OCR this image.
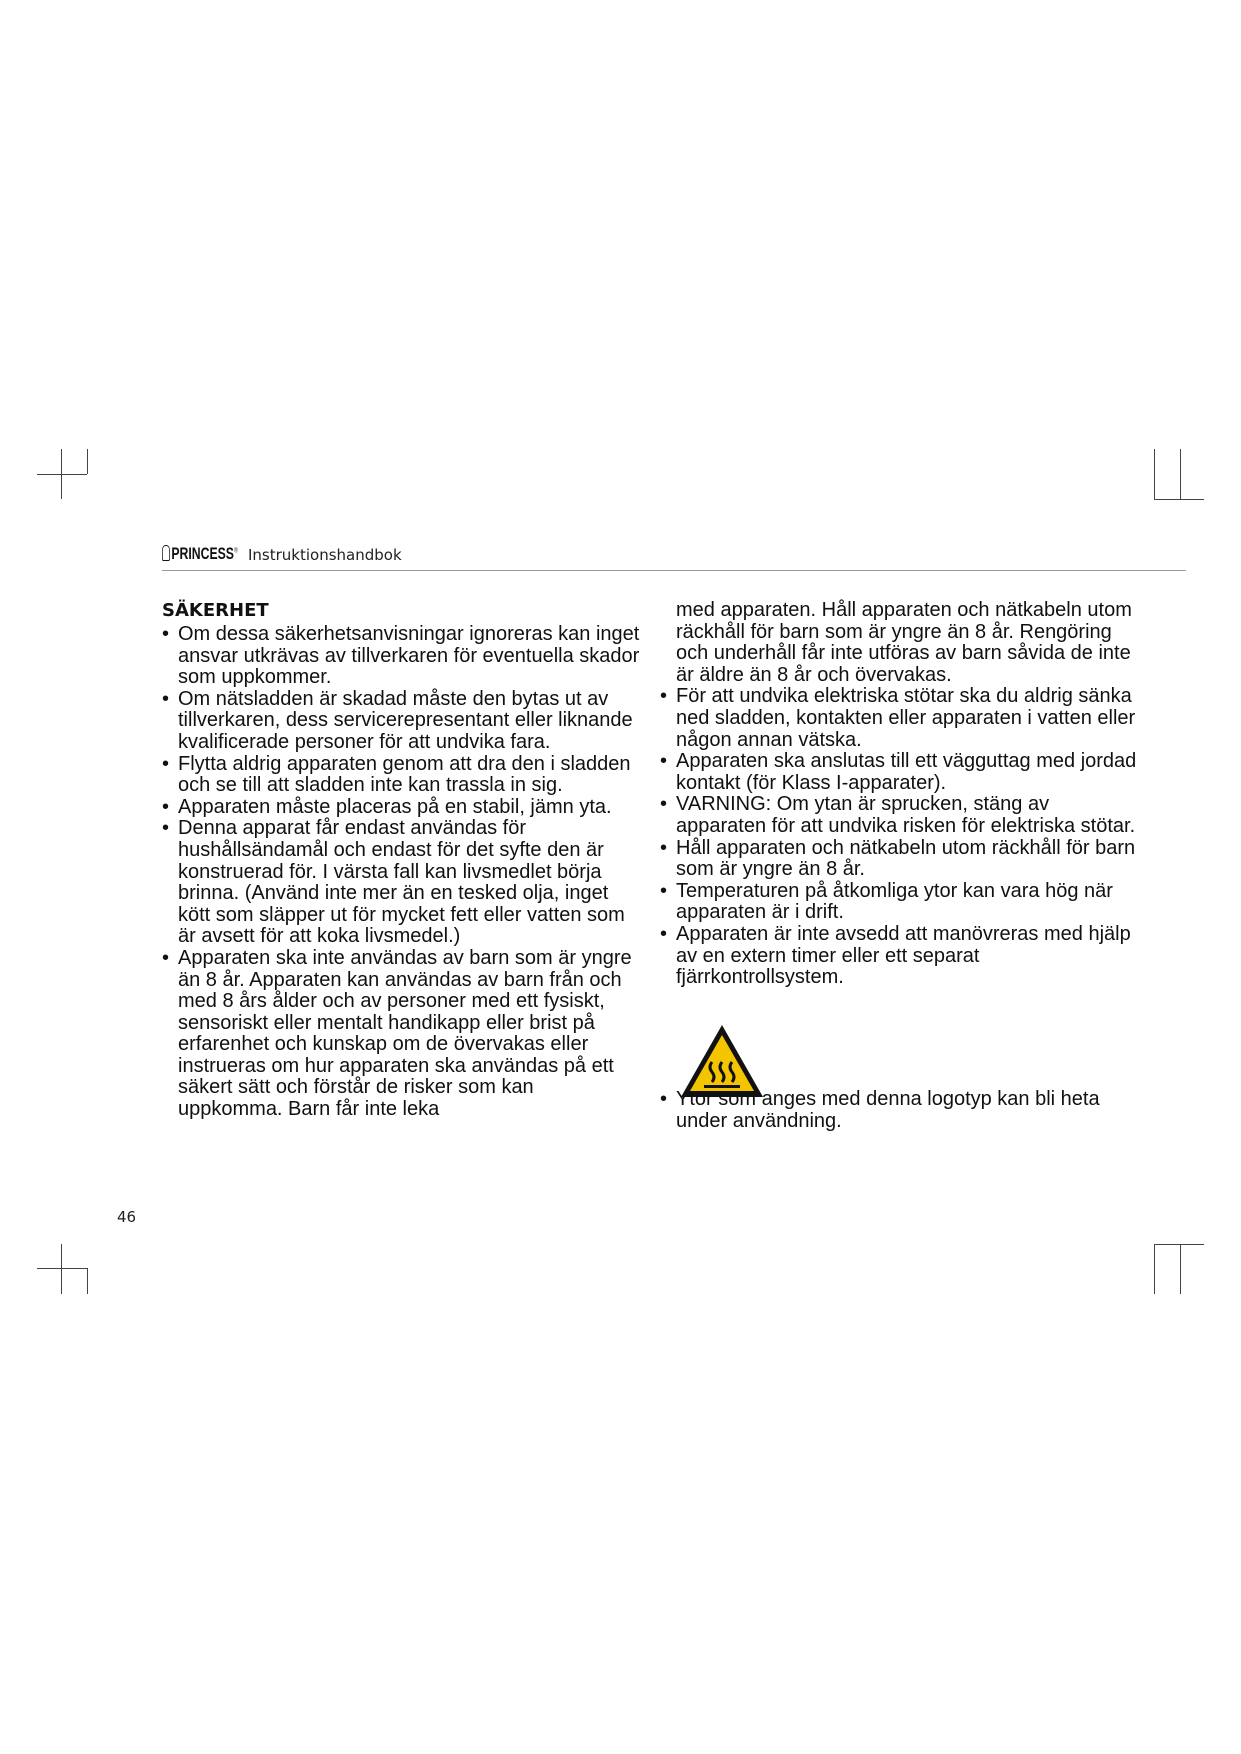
PRINCESS® Instruktionshandbok
SÄKERHET
• Om dessa säkerhetsanvisningar ignoreras kan inget ansvar utkrävas av tillverkaren för eventuella skador som uppkommer.
• Om nätsladden är skadad måste den bytas ut av tillverkaren, dess servicerepresentant eller liknande kvalificerade personer för att undvika fara.
• Flytta aldrig apparaten genom att dra den i sladden och se till att sladden inte kan trassla in sig.
• Apparaten måste placeras på en stabil, jämn yta.
• Denna apparat får endast användas för hushållsändamål och endast för det syfte den är konstruerad för. I värsta fall kan livsmedlet börja brinna. (Använd inte mer än en tesked olja, inget kött som släpper ut för mycket fett eller vatten som är avsett för att koka livsmedel.)
• Apparaten ska inte användas av barn som är yngre än 8 år. Apparaten kan användas av barn från och med 8 års ålder och av personer med ett fysiskt, sensoriskt eller mentalt handikapp eller brist på erfarenhet och kunskap om de övervakas eller instrueras om hur apparaten ska användas på ett säkert sätt och förstår de risker som kan uppkomma. Barn får inte leka
med apparaten. Håll apparaten och nätkabeln utom räckhåll för barn som är yngre än 8 år. Rengöring och underhåll får inte utföras av barn såvida de inte är äldre än 8 år och övervakas.
• För att undvika elektriska stötar ska du aldrig sänka ned sladden, kontakten eller apparaten i vatten eller någon annan vätska.
• Apparaten ska anslutas till ett vägguttag med jordad kontakt (för Klass I-apparater).
• VARNING: Om ytan är sprucken, stäng av apparaten för att undvika risken för elektriska stötar.
• Håll apparaten och nätkabeln utom räckhåll för barn som är yngre än 8 år.
• Temperaturen på åtkomliga ytor kan vara hög när apparaten är i drift.
• Apparaten är inte avsedd att manövreras med hjälp av en extern timer eller ett separat fjärrkontrollsystem.
• Ytor som anges med denna logotyp kan bli heta under användning.
46
